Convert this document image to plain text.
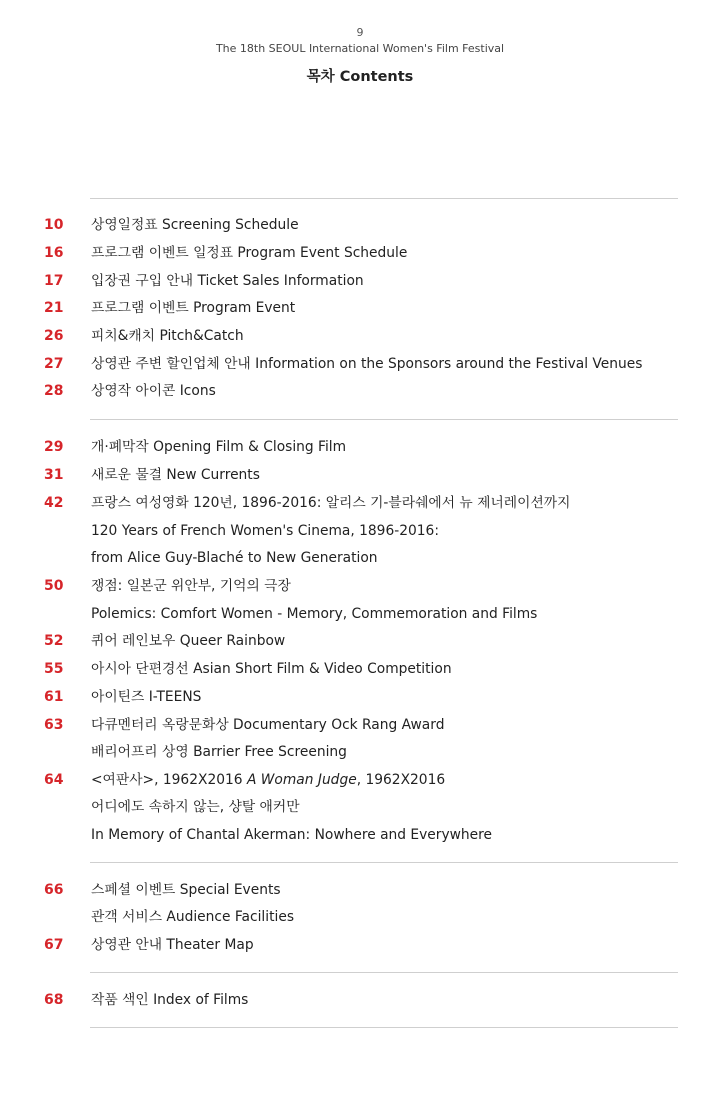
9
The 18th SEOUL International Women's Film Festival
목차 Contents
10 상영일정표 Screening Schedule
16 프로그램 이벤트 일정표 Program Event Schedule
17 입장권 구입 안내 Ticket Sales Information
21 프로그램 이벤트 Program Event
26 피치&캐치 Pitch&Catch
27 상영관 주변 할인업체 안내 Information on the Sponsors around the Festival Venues
28 상영작 아이콘 Icons
29 개·폐막작 Opening Film & Closing Film
31 새로운 물결 New Currents
42 프랑스 여성영화 120년, 1896-2016: 알리스 기-블라쉐에서 뉴 제너레이션까지
120 Years of French Women's Cinema, 1896-2016:
from Alice Guy-Blaché to New Generation
50 쟁점: 일본군 위안부, 기억의 극장
Polemics: Comfort Women - Memory, Commemoration and Films
52 퀴어 레인보우 Queer Rainbow
55 아시아 단편경선 Asian Short Film & Video Competition
61 아이틴즈 I-TEENS
63 다큐멘터리 옥랑문화상 Documentary Ock Rang Award
배리어프리 상영 Barrier Free Screening
64 <여판사>, 1962X2016 A Woman Judge, 1962X2016
어디에도 속하지 않는, 샹탈 애커만
In Memory of Chantal Akerman: Nowhere and Everywhere
66 스페셜 이벤트 Special Events
관객 서비스 Audience Facilities
67 상영관 안내 Theater Map
68 작품 색인 Index of Films
